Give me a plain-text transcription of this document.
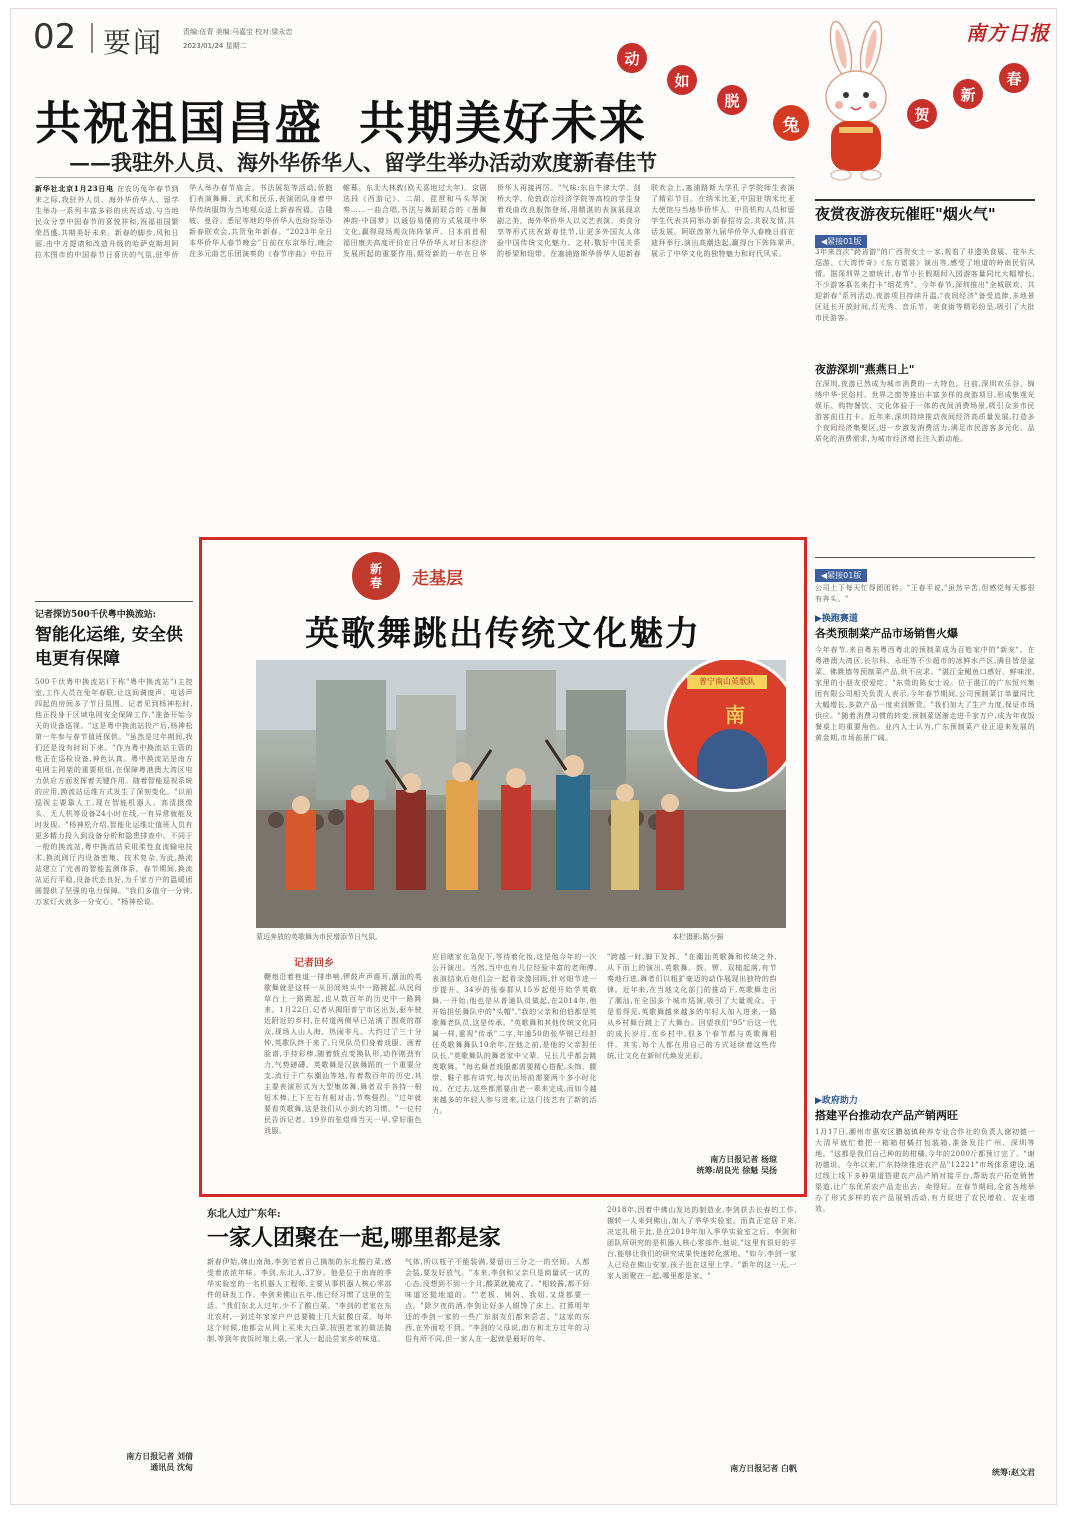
02 要闻	责编:伍青 美编:马嘉宝 校对:梁永忠
2023/01/24 星期二
南方日报
动
如
脱
兔
贺
新
春
共祝祖国昌盛  共期美好未来
——我驻外人员、海外华侨华人、留学生举办活动欢度新春佳节
新华社北京1月23日电 在农历兔年春节到来之际,我驻外人员、海外华侨华人、留学生举办一系列丰富多彩的庆祝活动,与当地民众分享中国春节的喜悦祥和,祝福祖国繁荣昌盛,共期美好未来。新春的脚步,风和日丽,由中方提请和改造升级的哈萨克斯坦阿拉木图市的中国春节日喜庆的气氛,驻华侨华人举办春节庙会、书法展览等活动;侨胞们表演舞狮、武术和民乐,表演团队身着中华传统服饰为当地观众送上新春祝福。吉隆坡、曼谷、悉尼等地的华侨华人也纷纷举办新春联欢会,共贺兔年新春。"2023年全日本华侨华人春节晚会"日前在东京举行,晚会在多元曲艺乐团演奏的《春节序曲》中拉开帷幕。东北大林敦(欧天喜地过大年)、京剧选段《西游记》、二胡、琵琶和马头琴演奏……一曲合唱,书法与舞蹈联合的《墨舞神韵·中国梦》以通俗易懂的方式展现中华文化,赢得现场观众阵阵掌声。日本前首相福田康夫高度评价在日华侨华人对日本经济发展所起的重要作用,期待新的一年在日华侨华人再接再厉。"气味:东自牛津大学、剑桥大学、伦敦政治经济学院等高校的学生身着戏曲改良服饰登场,用精湛的表演展现京剧之美。海外华侨华人以文艺表演、美食分享等形式庆祝新春佳节,让更多外国友人体验中国传统文化魅力。之材,敬好中国关系的桥梁和纽带。在塞浦路斯华侨华人迎新春联欢会上,塞浦路斯大学孔子学院师生表演了精彩节目。在纳米比亚,中国驻纳米比亚大使馆与当地华侨华人、中资机构人员和留学生代表共同举办新春招待会,共叙友情,共话发展。阿联酋第九届华侨华人春晚日前在迪拜举行,演出高潮迭起,赢得台下阵阵掌声,展示了中华文化的独特魅力和时代风采。
夜赏夜游夜玩催旺"烟火气"
◀紧接01版
3年来首次"跨省游"的广西贺女士一家,观看了非遗美食展、花车大巡游、《大湾传奇》《东方霓裳》演出等,感受了地道的岭南民俗风情。据深圳界之窗统计,春节小长假期间入园游客量同比大幅增长,不少游客慕名来打卡"烟花秀"。今年春节,深圳推出"全城联欢、共迎新春"系列活动,夜游项目持续升温,"夜间经济"备受追捧,多地景区延长开放时间,灯光秀、音乐节、美食街等精彩纷呈,吸引了大批市民游客。
夜游深圳"燕燕日上"
在深圳,夜游已然成为城市消费的一大特色。日前,深圳欢乐谷、锦绣中华·民俗村、世界之窗等推出丰富多样的夜游项目,形成集观光娱乐、购物餐饮、文化体验于一体的夜间消费场景,吸引众多市民游客前往打卡。近年来,深圳持续推动夜间经济高质量发展,打造多个夜间经济集聚区,进一步激发消费活力,满足市民游客多元化、品质化的消费需求,为城市经济增长注入新动能。
记者探访500千伏粤中换流站:
智能化运维, 安全供电更有保障
500千伏粤中换流站(下称"粤中换流站")主控室,工作人员在兔年春联,让这间调度声、电话声四起的房间多了节日氛围。记者见到杨神松时,他正投身于区域电网安全保障工作,"准备开始今天的设备巡视。"这是粤中换流站投产后,杨神松第一年参与春节值班保供。"虽然是过年期间,我们还是没有时间下来。"作为粤中换流站主管的他正在巡检设备,神色认真。粤中换流站是南方电网主网架的重要枢纽,在保障粤港澳大湾区电力供应方面发挥着关键作用。随着智能巡视系统的应用,换流站运维方式发生了深刻变化。"以前巡视主要靠人工,现在智能机器人、高清摄像头、无人机等设备24小时在线,一有异常就能及时发现。"杨神松介绍,智能化运维让值班人员有更多精力投入到设备分析和隐患排查中。不同于一般的换流站,粤中换流站采用柔性直流输电技术,换流阀厅内设备密集、技术复杂,为此,换流站建立了完善的智能监测体系。春节期间,换流站运行平稳,设备状态良好,为千家万户的温暖团圆提供了坚强的电力保障。"我们多值守一分钟,万家灯火就多一分安心。"杨神松说。
南方日报记者 刘倩
通讯员 沈甸
新
春 走基层
英歌舞跳出传统文化魅力
普宁南山英歌队
南
蒙迈奔放的英歌舞为市民增添节日气氛。	本栏摄影:陈少强
记者回乡
鞭炮沿着巷道一排串响,锣鼓声声震耳,潮汕的英歌舞就是这样一从田间地头中一路跳起,从民间草台上一路跳起,也从数百年的历史中一路跳来。1月22日,记者从揭阳普宁市区出发,驱车驶近附近的乡村,在村道两侧早已站满了围观的群众,现场人山人海、热闹非凡。大约过了三十分钟,英歌队终于来了,只见队员们身着戏服、画着脸谱,手持彩棒,随着鼓点变换队形,动作刚劲有力,气势磅礴。英歌舞是汉族舞蹈的一个重要分支,流行于广东潮汕等地,有着数百年的历史,其主要表演形式为大型集体舞,舞者双手各持一根短木棒,上下左右有相对击,节奏强烈。"过年就要看英歌舞,这是我们从小到大的习惯。"一位村民告诉记者。19岁的张煜烽当天一早,穿好服色戏服。
应目睹家在急促下,等待着化妆,这是他今年的一次公开演出。当然,当中也有几位经验丰富的老师傅,表演结束后他们会一起看录像回顾,针对细节进一步提升。34岁的张泰群从15岁起便开始学英歌舞,一开始,他也是从普通队员做起,在2014年,他开始担任舞队中的"头帽","我的父亲和伯伯都是英歌舞老队员,这是传承。"英歌舞和其他传统文化同属一样,重视"传承"二字,年逾50的张华钢已经担任英歌舞舞队10余年,在他之前,是他的父亲担任队长,"英歌舞队的舞者家中父辈、兄长几乎都会跳英歌舞。"每名舞者戏服都需要精心搭配,头饰、腰带、鞋子都有讲究,每次出场前需要两个多小时化妆。在过去,这些都需要由老一辈来完成,而如今越来越多的年轻人参与进来,让这门技艺有了新的活力。
"跨越一时,脚下发挥。"在潮汕英歌舞和传统之外,从下而上的演出,英歌舞、鼓、锣、双槌起落,有节奏地行进,舞者们以粗犷豪迈的动作展现出独特的韵律。近年来,在当地文化部门的推动下,英歌舞走出了潮汕,在全国多个城市巡演,吸引了大量观众。于是看得见,英歌舞越来越多的年轻人加入进来,一路从乡村舞台跳上了大舞台。回望我们"95"后这一代的成长岁月,在乡村中,很多个春节都与英歌舞相伴。其实,每个人都在用自己的方式延续着这些传统,让文化在新时代焕发光彩。
南方日报记者 杨琼
统筹:胡良光 徐魁 吴扬
东北人过广东年:
一家人团聚在一起,哪里都是家
新春伊始,佛山南海,李剑宅着自己摘制的东北酸白菜,感受着浓浓年味。李剑,东北人,37岁。他是位于南海的季华实验室的一名机器人工程师,主要从事机器人核心零部件的研发工作。李剑来佛山五年,他已经习惯了这里的生活。"我们东北人过年,少不了酸白菜。"李剑的老家在东北农村,一到过年家家户户总要腌上几大缸酸白菜。每年这个时候,他都会从网上买来大白菜,按照老家的做法腌制,等到年夜饭时端上桌,一家人一起品尝家乡的味道。
气体,所以瓶子不能装满,要留出三分之一的空间。人都会装,要发好放气。"本来,李剑和父亲只是商量试一试的心态,没想到不到一个月,酸菜就腌成了。"相较酱,都不好味道还挺地道的。""老板、姨妈、我姐,又烧都要一点。"除夕夜的酒,李剑让好多人眼馋了床上。打算明年还的李剑一家的一些广东朋友们都来尝尝。"这家的东西,在外面吃不到。"李剑的父母说,南方和北方过年的习俗有所不同,但一家人在一起就是最好的年。
2018年,因着中佛山发达的制造业,李剑获去长春的工作,辗转一人来到佛山,加入了季华实验室。而真正定居下来,决定扎根于此,是在2019年加入季华实验室之后。李剑和团队所研究的是机器人核心零部件,他说,"这里有很好的平台,能够让我们的研究成果快速转化落地。"如今,李剑一家人已经在佛山安家,孩子也在这里上学。"新年的这一天,一家人团聚在一起,哪里都是家。"
南方日报记者 白帆
◀紧接01版
公司上下每天忙得团团转。"王春平说,"虽然辛苦,但感觉每天都很有奔头。"
▶换跑赛道
各类预制菜产品市场销售火爆
今年春节,来自粤东粤西粤北的预制菜成为百姓家中的"新宠"。在粤港澳大湾区,长尔科、永旺等不少超市的冰鲜水产区,满目皆是盆菜、佛跳墙等预制菜产品,供不应求。"湛江金鲳鱼口感好、鲜味浓,家里的小朋友很爱吃。"东莞的陈女士说。位于湛江的广东恒兴集团有限公司相关负责人表示,今年春节期间,公司预制菜订单量同比大幅增长,多款产品一度卖到断货。"我们加大了生产力度,保证市场供应。"随着消费习惯的转变,预制菜逐渐走进千家万户,成为年夜饭餐桌上的重要角色。业内人士认为,广东预制菜产业正迎来发展的黄金期,市场前景广阔。
▶政府助力
搭建平台推动农产品产销两旺
1月17日,潮州市惠安区鹏翁镇种养专业合作社的负责人谢初德一大清早就忙着把一箱箱柑橘打包装箱,准备发往广州、深圳等地。"这都是我们自己种的的柑橘,今年的2000斤都预订完了。"谢初德说。今年以来,广东持续推进农产品"12221"市场体系建设,通过线上线下多种渠道搭建农产品产销对接平台,帮助农户拓宽销售渠道,让广东优质农产品走出去、卖得好。在春节期间,全省各地举办了形式多样的农产品展销活动,有力促进了农民增收、农业增效。
统筹:赵文君
